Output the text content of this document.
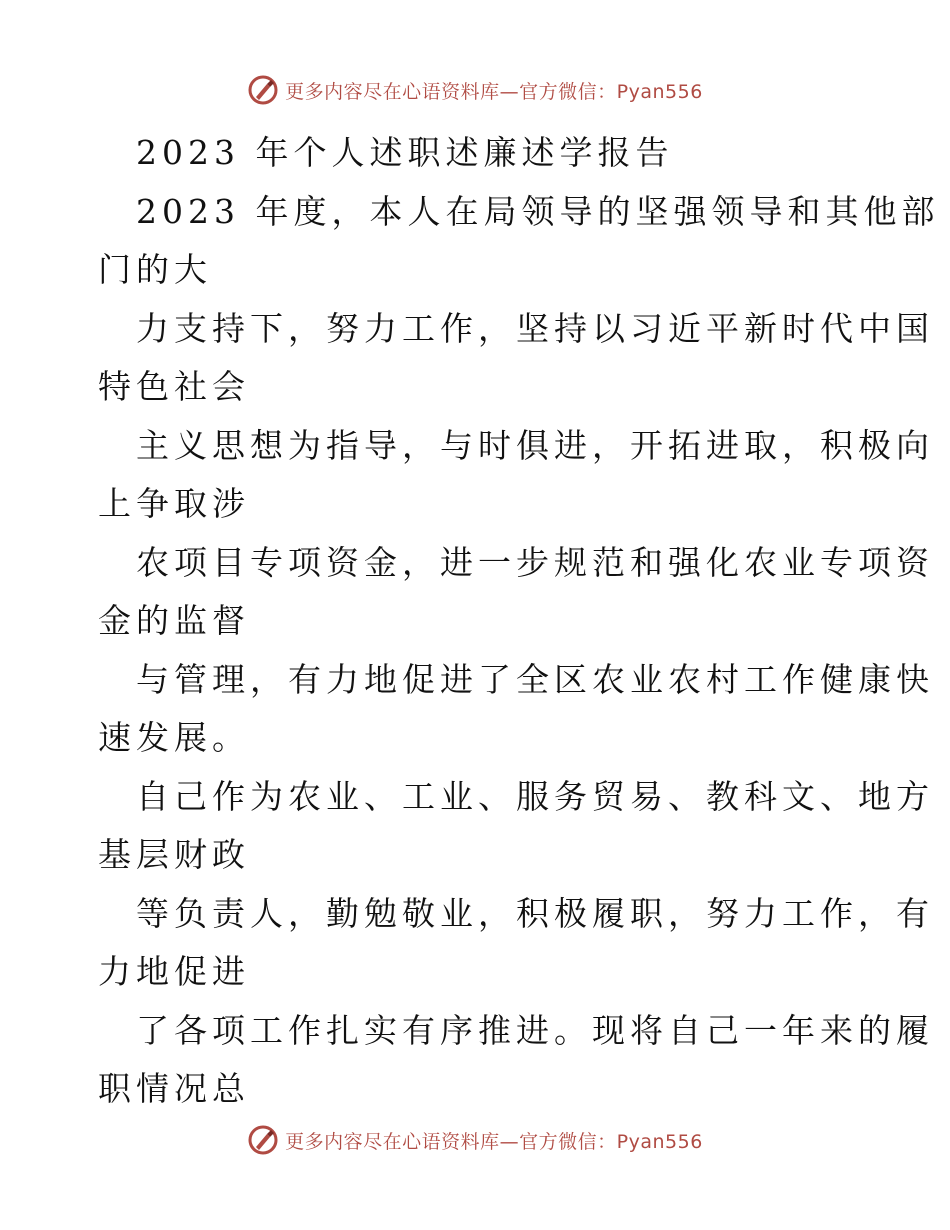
更多内容尽在心语资料库—官方微信：Pyan556
2023 年个人述职述廉述学报告
2023 年度，本人在局领导的坚强领导和其他部
门的大
力支持下，努力工作，坚持以习近平新时代中国
特色社会
主义思想为指导，与时俱进，开拓进取，积极向
上争取涉
农项目专项资金，进一步规范和强化农业专项资
金的监督
与管理，有力地促进了全区农业农村工作健康快
速发展。
自己作为农业、工业、服务贸易、教科文、地方
基层财政
等负责人，勤勉敬业，积极履职，努力工作，有
力地促进
了各项工作扎实有序推进。现将自己一年来的履
职情况总
更多内容尽在心语资料库—官方微信：Pyan556
